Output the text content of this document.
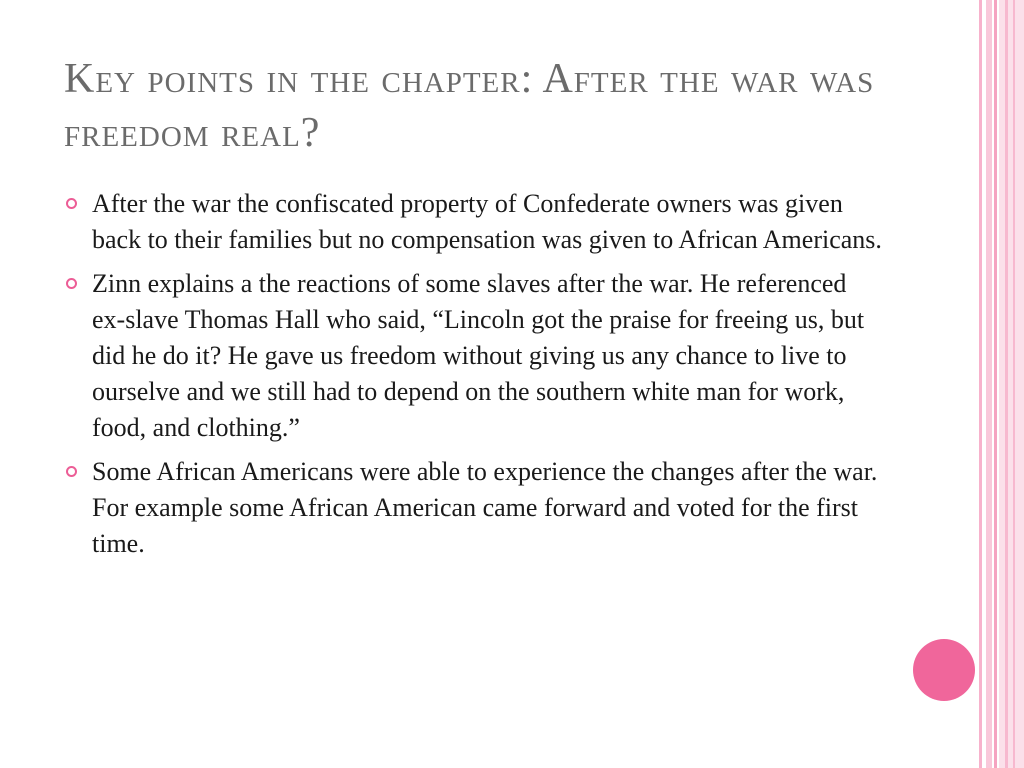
Key points in the chapter: After the war was freedom real?
After the war the confiscated property of Confederate owners was given back to their families but no compensation was given to African Americans.
Zinn explains a the reactions of some slaves after the war. He referenced ex-slave Thomas Hall who said, “Lincoln got the praise for freeing us, but did he do it? He gave us freedom without giving us any chance to live to ourselve and we still had to depend on the southern white man for work, food, and clothing.”
Some African Americans were able to experience the changes after the war. For example some African American came forward and voted for the first time.
